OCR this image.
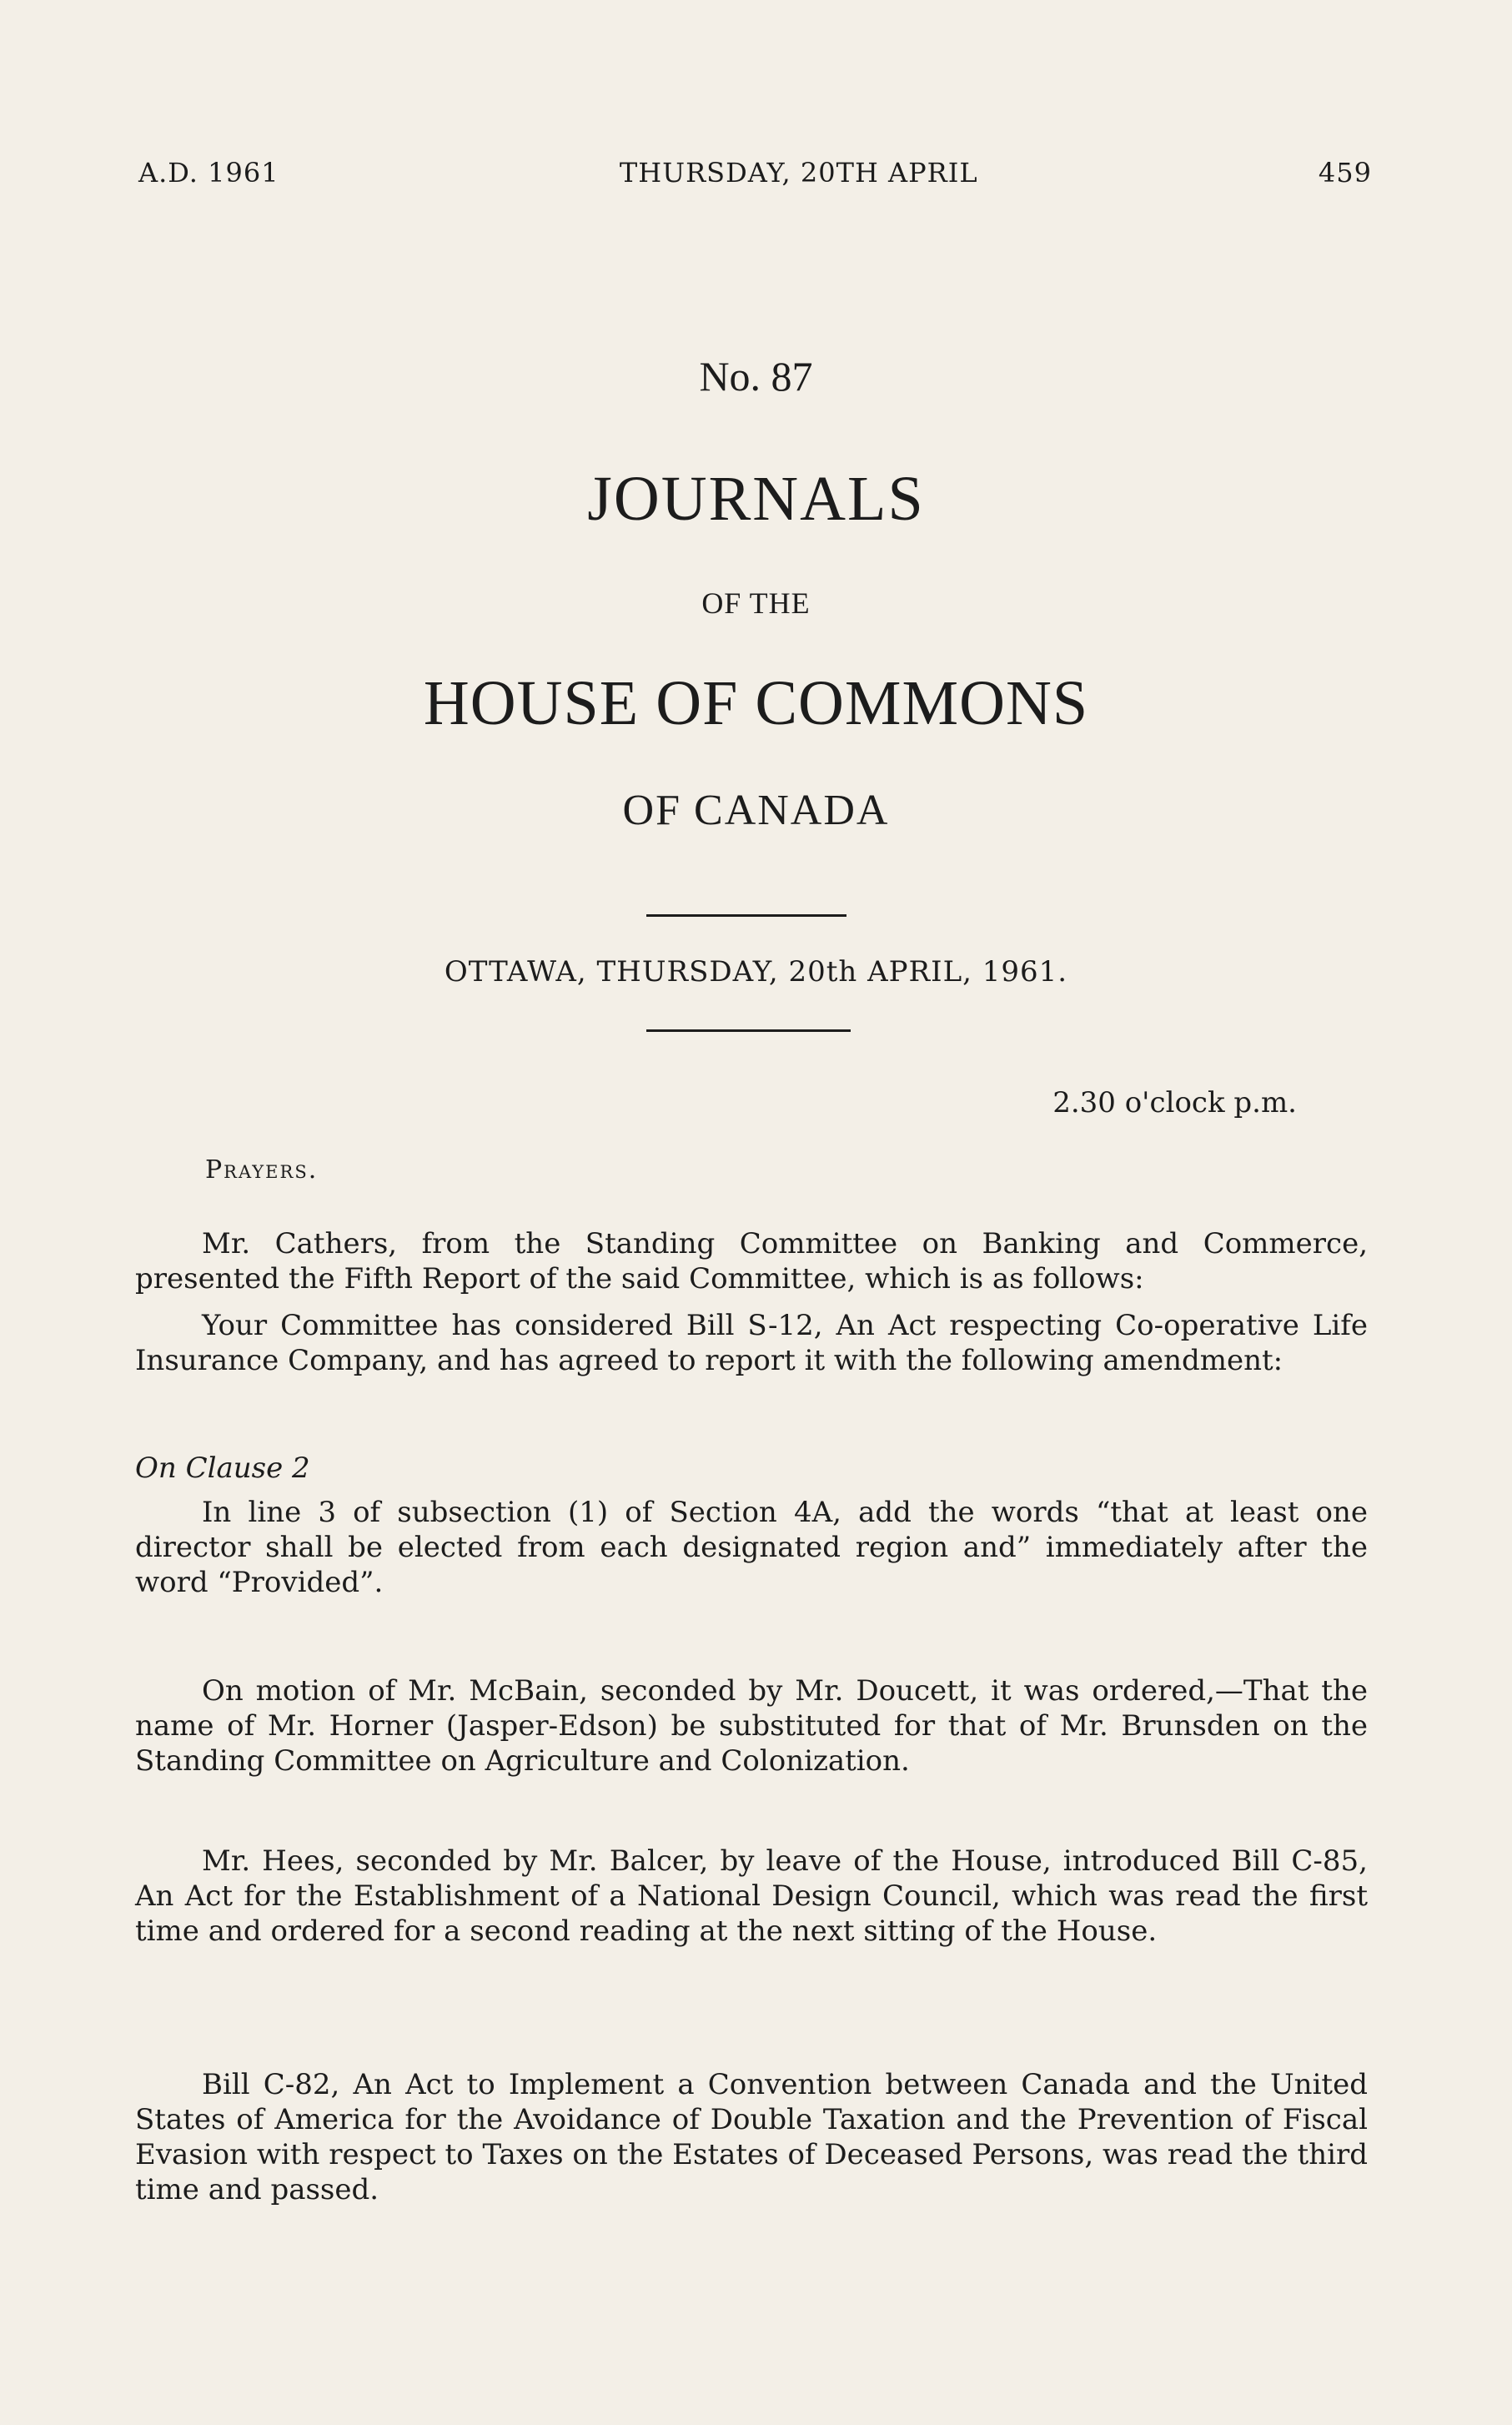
A.D. 1961	THURSDAY, 20TH APRIL	459
No. 87
JOURNALS
OF THE
HOUSE OF COMMONS
OF CANADA
OTTAWA, THURSDAY, 20th APRIL, 1961.
2.30 o'clock p.m.
Prayers.

Mr. Cathers, from the Standing Committee on Banking and Commerce, presented the Fifth Report of the said Committee, which is as follows:

Your Committee has considered Bill S-12, An Act respecting Co-operative Life Insurance Company, and has agreed to report it with the following amendment:

On Clause 2

In line 3 of subsection (1) of Section 4A, add the words “that at least one director shall be elected from each designated region and” immediately after the word “Provided”.

On motion of Mr. McBain, seconded by Mr. Doucett, it was ordered,—That the name of Mr. Horner (Jasper-Edson) be substituted for that of Mr. Brunsden on the Standing Committee on Agriculture and Colonization.

Mr. Hees, seconded by Mr. Balcer, by leave of the House, introduced Bill C-85, An Act for the Establishment of a National Design Council, which was read the first time and ordered for a second reading at the next sitting of the House.

Bill C-82, An Act to Implement a Convention between Canada and the United States of America for the Avoidance of Double Taxation and the Prevention of Fiscal Evasion with respect to Taxes on the Estates of Deceased Persons, was read the third time and passed.
